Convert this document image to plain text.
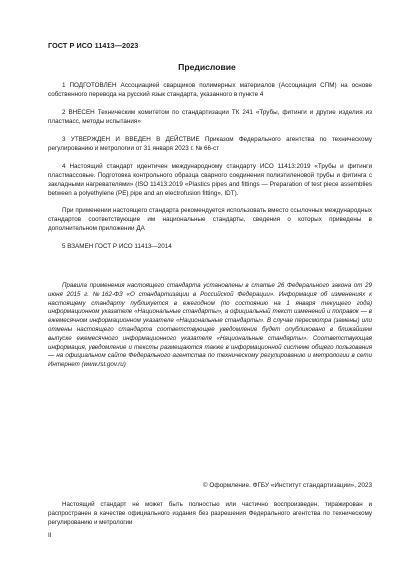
ГОСТ Р ИСО 11413—2023
Предисловие
1 ПОДГОТОВЛЕН Ассоциацией сварщиков полимерных материалов (Ассоциация СПМ) на основе собственного перевода на русский язык стандарта, указанного в пункте 4
2 ВНЕСЕН Техническим комитетом по стандартизации ТК 241 «Трубы, фитинги и другие изделия из пластмасс, методы испытания»
3 УТВЕРЖДЕН И ВВЕДЕН В ДЕЙСТВИЕ Приказом Федерального агентства по техническому регулированию и метрологии от 31 января 2023 г. № 66-ст
4 Настоящий стандарт идентичен международному стандарту ИСО 11413:2019 «Трубы и фитинги пластмассовые. Подготовка контрольного образца сварного соединения полиэтиленовой трубы и фитинга с закладными нагревателями» (ISO 11413:2019 «Plastics pipes and fittings — Preparation of test piece assemblies between a polyethylene (PE) pipe and an electrofusion fitting», IDT).
При применении настоящего стандарта рекомендуется использовать вместо ссылочных международных стандартов соответствующие им национальные стандарты, сведения о которых приведены в дополнительном приложении ДА
5 ВЗАМЕН ГОСТ Р ИСО 11413—2014
Правила применения настоящего стандарта установлены в статье 26 Федерального закона от 29 июня 2015 г. №162-ФЗ «О стандартизации в Российской Федерации». Информация об изменениях к настоящему стандарту публикуется в ежегодном (по состоянию на 1 января текущего года) информационном указателе «Национальные стандарты», а официальный текст изменений и поправок — в ежемесячном информационном указателе «Национальные стандарты». В случае пересмотра (замены) или отмены настоящего стандарта соответствующее уведомление будет опубликовано в ближайшем выпуске ежемесячного информационного указателя «Национальные стандарты». Соответствующая информация, уведомление и тексты размещаются также в информационной системе общего пользования — на официальном сайте Федерального агентства по техническому регулированию и метрологии в сети Интернет (www.rst.gov.ru)
© Оформление. ФГБУ «Институт стандартизации», 2023
Настоящий стандарт не может быть полностью или частично воспроизведен, тиражирован и распространен в качестве официального издания без разрешения Федерального агентства по техническому регулированию и метрологии
II
